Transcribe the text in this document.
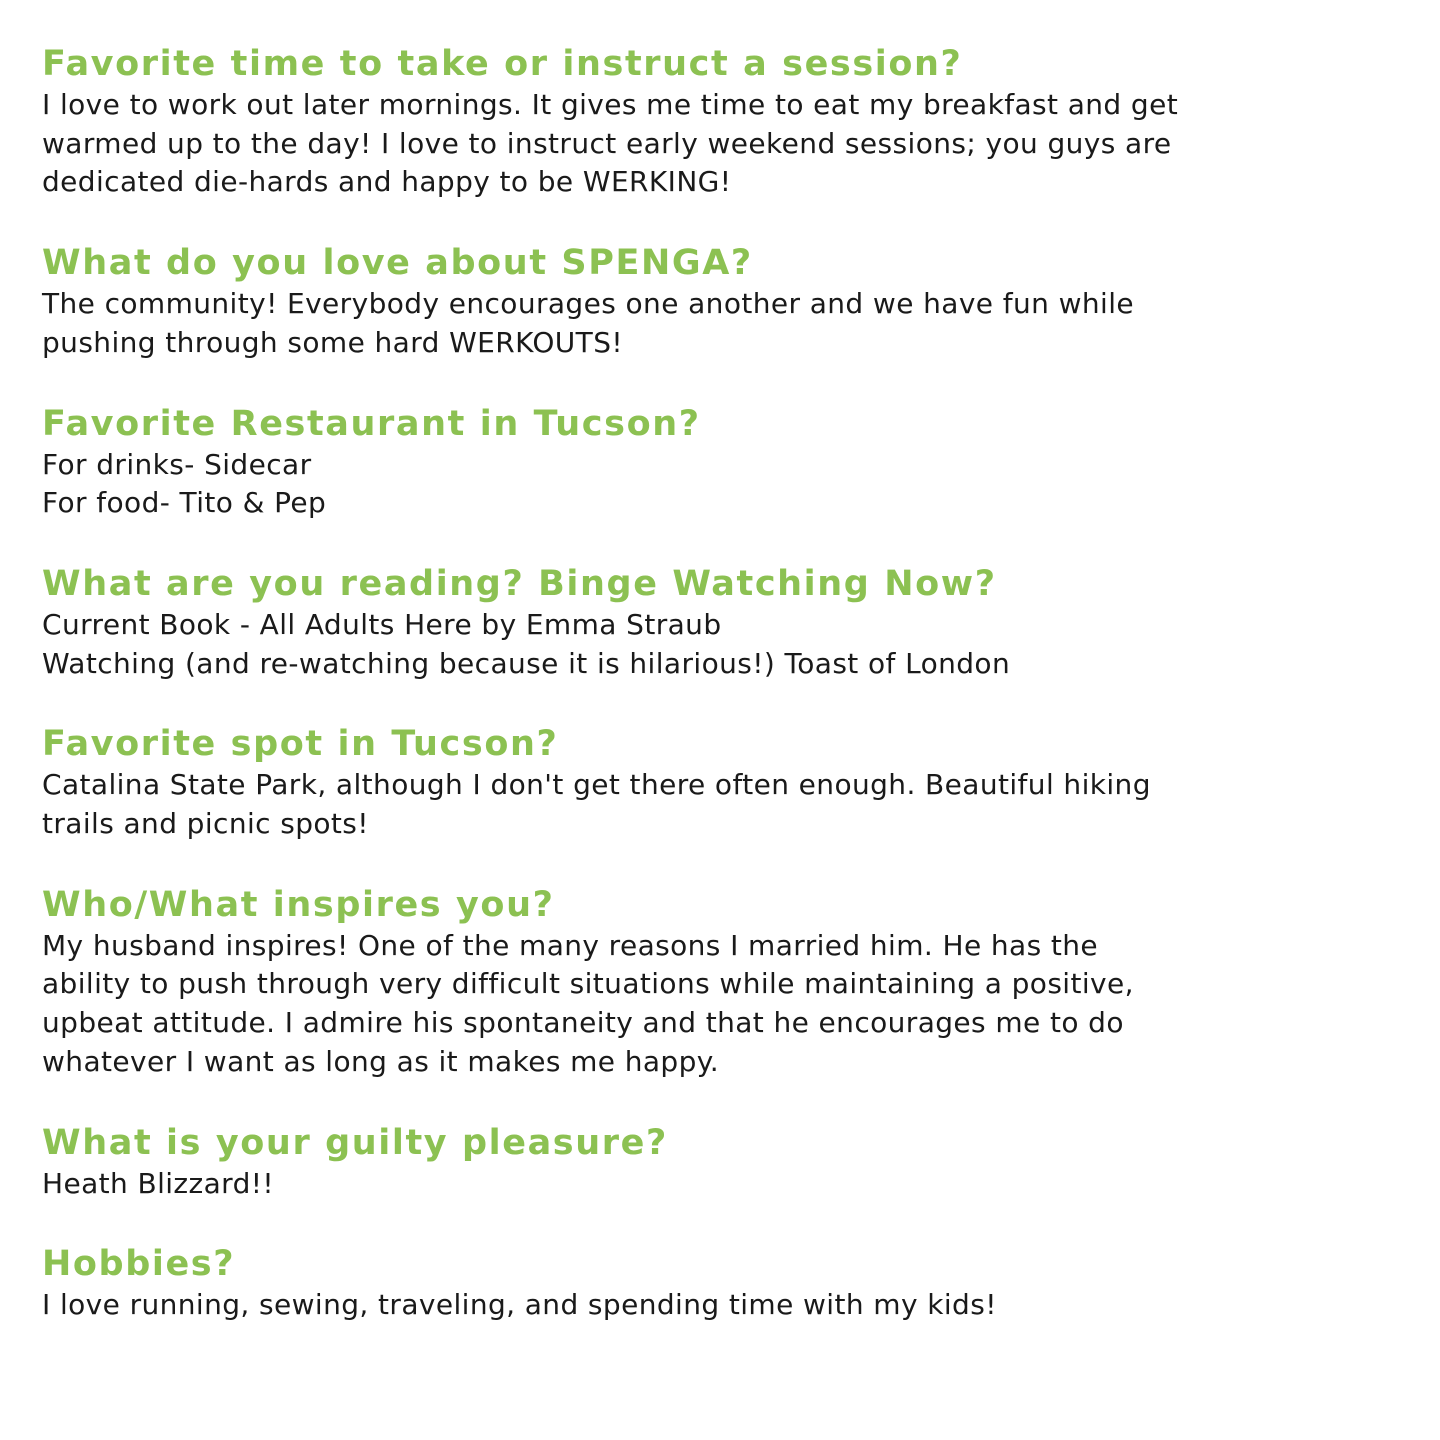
Favorite time to take or instruct a session?

I love to work out later mornings. It gives me time to eat my breakfast and get
warmed up to the day! I love to instruct early weekend sessions; you guys are
dedicated die-hards and happy to be WERKING!

What do you love about SPENGA?

The community! Everybody encourages one another and we have fun while
pushing through some hard WERKOUTS!

Favorite Restaurant in Tucson?

For drinks- Sidecar
For food- Tito & Pep

What are you reading? Binge Watching Now?

Current Book - All Adults Here by Emma Straub
Watching (and re-watching because it is hilarious!) Toast of London

Favorite spot in Tucson?

Catalina State Park, although I don't get there often enough. Beautiful hiking
trails and picnic spots!

Who/What inspires you?

My husband inspires! One of the many reasons I married him. He has the
ability to push through very difficult situations while maintaining a positive,
upbeat attitude. I admire his spontaneity and that he encourages me to do
whatever I want as long as it makes me happy.

What is your guilty pleasure?

Heath Blizzard!!

Hobbies?

I love running, sewing, traveling, and spending time with my kids!
